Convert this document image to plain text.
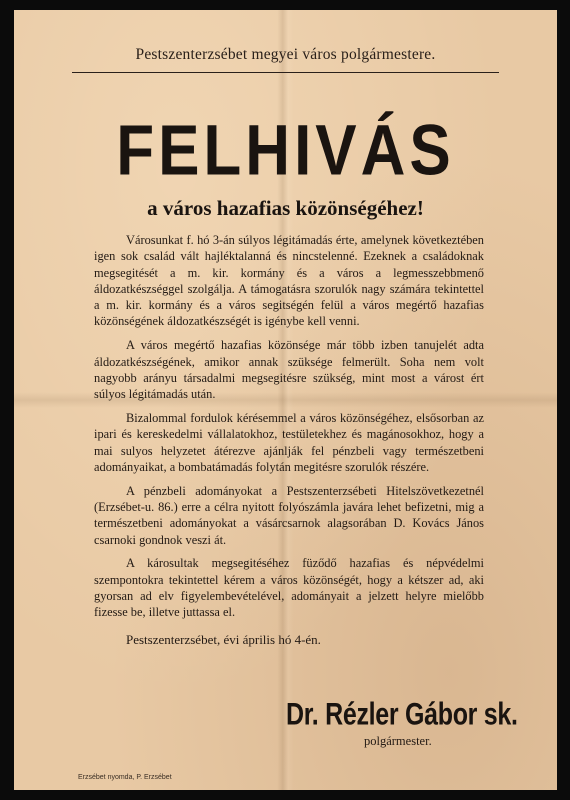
Pestszenterzsébet megyei város polgármestere.
FELHIVÁS
a város hazafias közönségéhez!

Városunkat f. hó 3-án súlyos légitámadás érte, amelynek következtében igen sok család vált hajléktalanná és nincstelenné. Ezeknek a családoknak megsegitését a m. kir. kormány és a város a legmesszebbmenő áldozatkészséggel szolgálja. A támogatásra szorulók nagy számára tekintettel a m. kir. kormány és a város segitségén felül a város megértő hazafias közönségének áldozatkészségét is igénybe kell venni.

A város megértő hazafias közönsége már több izben tanujelét adta áldozatkészségének, amikor annak szüksége felmerült. Soha nem volt nagyobb arányu társadalmi megsegitésre szükség, mint most a várost ért súlyos légitámadás után.

Bizalommal fordulok kérésemmel a város közönségéhez, elsősorban az ipari és kereskedelmi vállalatokhoz, testületekhez és magánosokhoz, hogy a mai sulyos helyzetet átérezve ajánlják fel pénzbeli vagy természetbeni adományaikat, a bombatámadás folytán megitésre szorulók részére.

A pénzbeli adományokat a Pestszenterzsébeti Hitelszövetkezetnél (Erzsébet-u. 86.) erre a célra nyitott folyószámla javára lehet befizetni, mig a természetbeni adományokat a vásárcsarnok alagsorában D. Kovács János csarnoki gondnok veszi át.

A károsultak megsegitéséhez füződő hazafias és népvédelmi szempontokra tekintettel kérem a város közönségét, hogy a kétszer ad, aki gyorsan ad elv figyelembevételével, adományait a jelzett helyre mielőbb fizesse be, illetve juttassa el.

Pestszenterzsébet, évi április hó 4-én.
Dr. Rézler Gábor sk.
polgármester.
Erzsébet nyomda, P. Erzsébet
